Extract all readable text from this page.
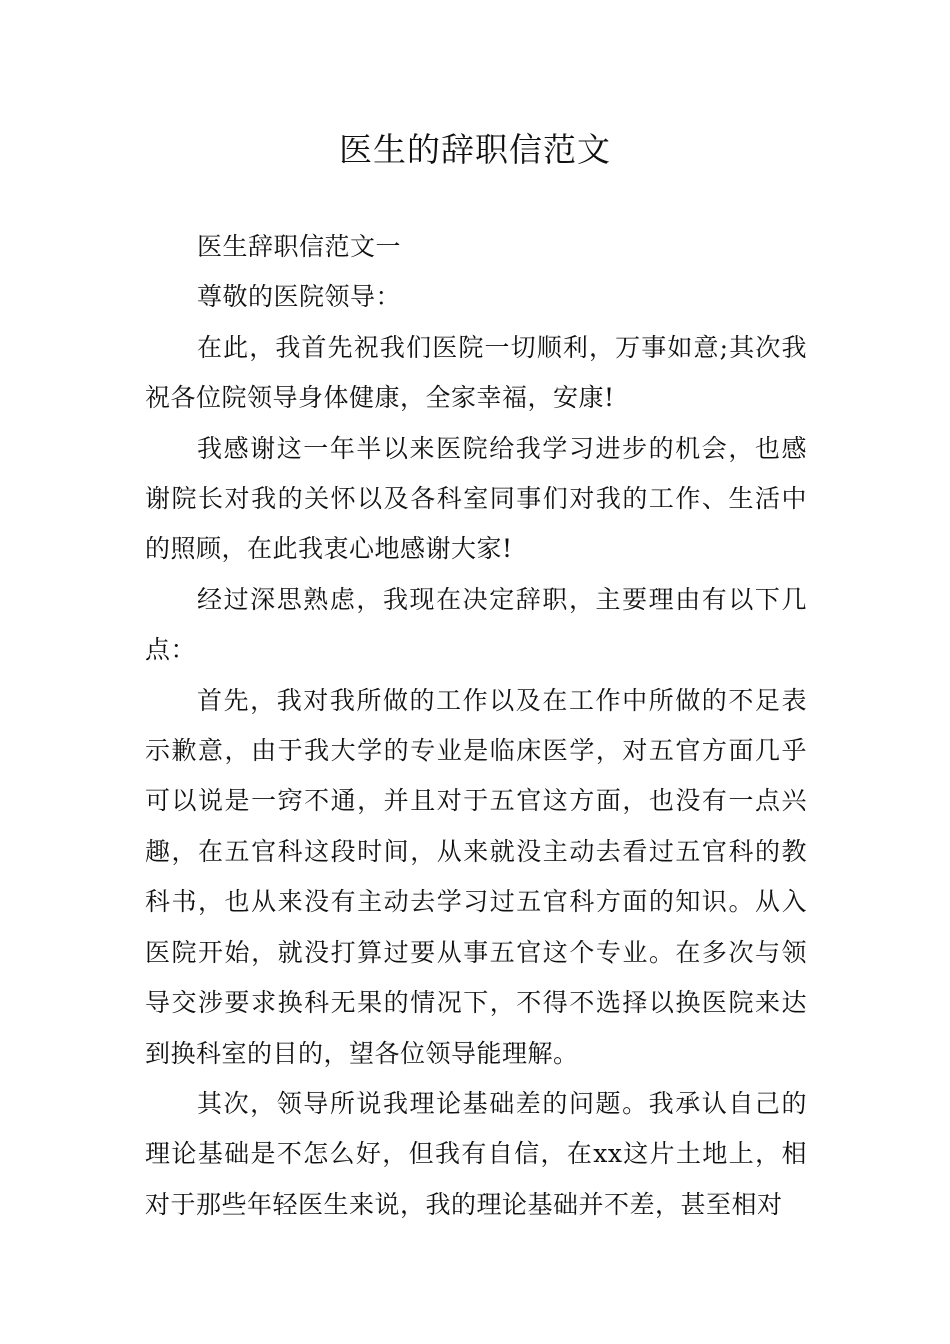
医生的辞职信范文

医生辞职信范文一

尊敬的医院领导：

在此，我首先祝我们医院一切顺利，万事如意;其次我祝各位院领导身体健康，全家幸福，安康!

我感谢这一年半以来医院给我学习进步的机会，也感谢院长对我的关怀以及各科室同事们对我的工作、生活中的照顾，在此我衷心地感谢大家!

经过深思熟虑，我现在决定辞职，主要理由有以下几点：

首先，我对我所做的工作以及在工作中所做的不足表示歉意，由于我大学的专业是临床医学，对五官方面几乎可以说是一窍不通，并且对于五官这方面，也没有一点兴趣，在五官科这段时间，从来就没主动去看过五官科的教科书，也从来没有主动去学习过五官科方面的知识。从入医院开始，就没打算过要从事五官这个专业。在多次与领导交涉要求换科无果的情况下，不得不选择以换医院来达到换科室的目的，望各位领导能理解。

其次，领导所说我理论基础差的问题。我承认自己的理论基础是不怎么好，但我有自信，在xx这片土地上，相对于那些年轻医生来说，我的理论基础并不差，甚至相对
